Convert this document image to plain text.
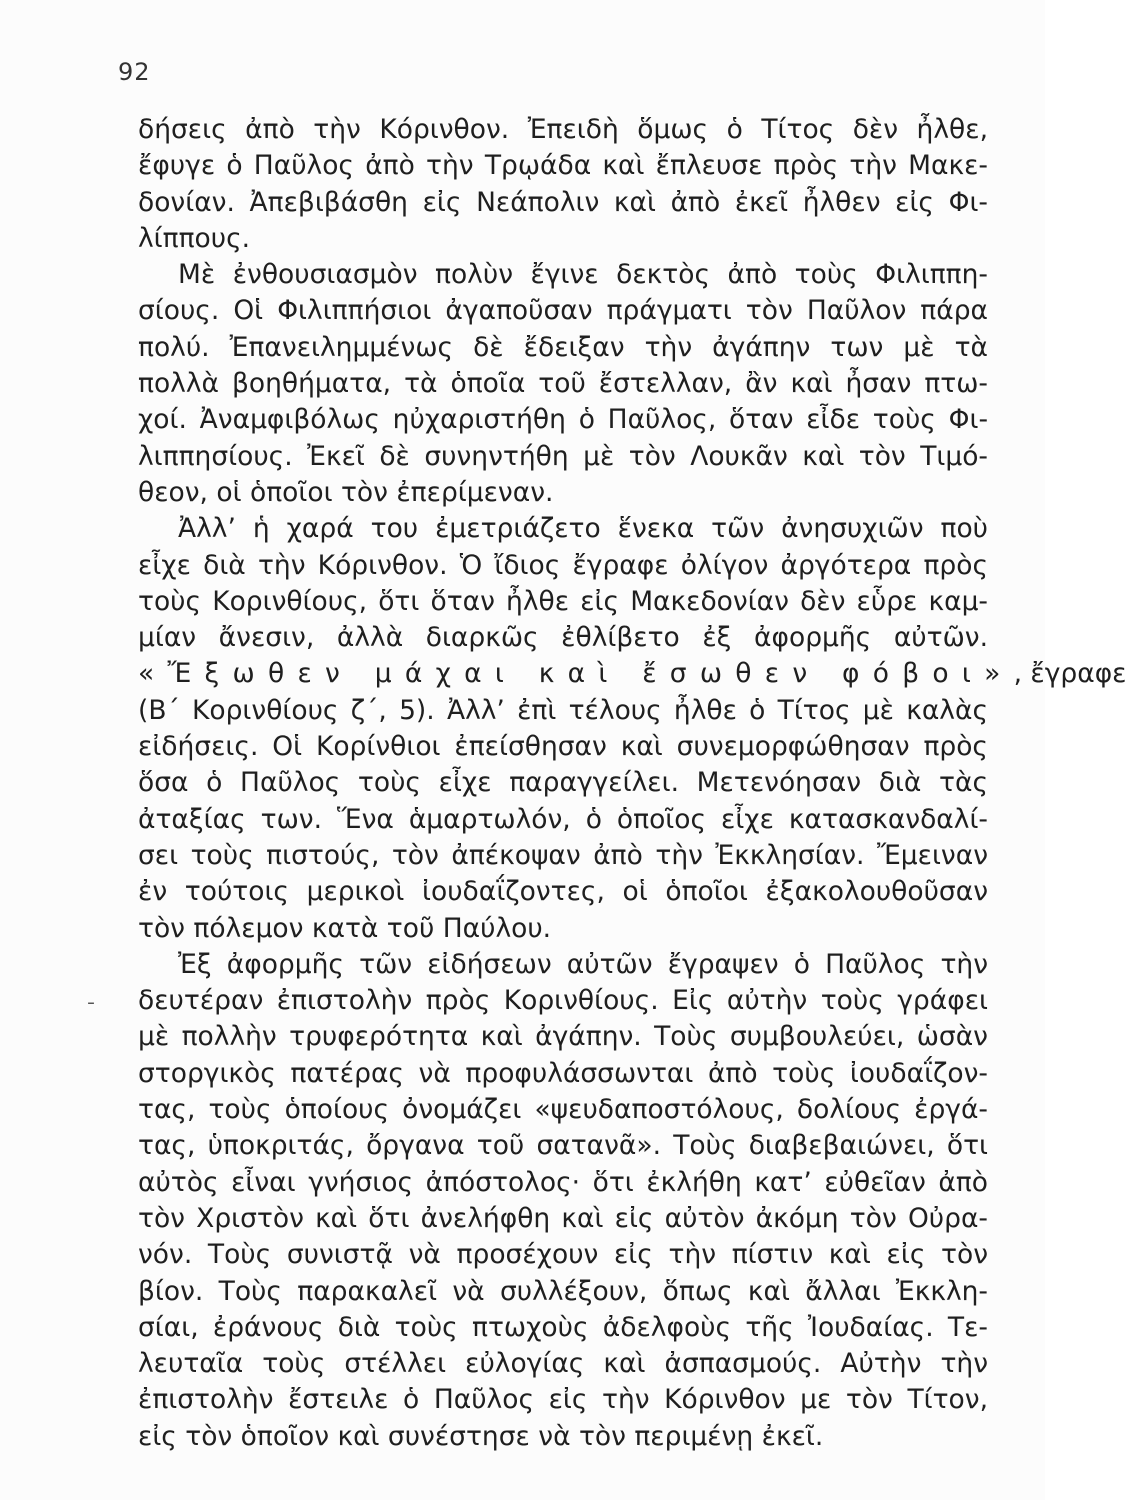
92
ˍ
δήσεις ἀπὸ τὴν Κόρινθον. Ἐπειδὴ ὅμως ὁ Τίτος δὲν ἦλθε,
ἔφυγε ὁ Παῦλος ἀπὸ τὴν Τρῳάδα καὶ ἔπλευσε πρὸς τὴν Μακε-
δονίαν. Ἀπεβιβάσθη εἰς Νεάπολιν καὶ ἀπὸ ἐκεῖ ἦλθεν εἰς Φι-
λίππους.
Μὲ ἐνθουσιασμὸν πολὺν ἔγινε δεκτὸς ἀπὸ τοὺς Φιλιππη-
σίους. Οἱ Φιλιππήσιοι ἀγαποῦσαν πράγματι τὸν Παῦλον πάρα
πολύ. Ἐπανειλημμένως δὲ ἔδειξαν τὴν ἀγάπην των μὲ τὰ
πολλὰ βοηθήματα, τὰ ὁποῖα τοῦ ἔστελλαν, ἂν καὶ ἦσαν πτω-
χοί. Ἀναμφιβόλως ηὐχαριστήθη ὁ Παῦλος, ὅταν εἶδε τοὺς Φι-
λιππησίους. Ἐκεῖ δὲ συνηντήθη μὲ τὸν Λουκᾶν καὶ τὸν Τιμό-
θεον, οἱ ὁποῖοι τὸν ἐπερίμεναν.
Ἀλλ’ ἡ χαρά του ἐμετριάζετο ἕνεκα τῶν ἀνησυχιῶν ποὺ
εἶχε διὰ τὴν Κόρινθον. Ὁ ἴδιος ἔγραφε ὀλίγον ἀργότερα πρὸς
τοὺς Κορινθίους, ὅτι ὅταν ἦλθε εἰς Μακεδονίαν δὲν εὗρε καμ-
μίαν ἄνεσιν, ἀλλὰ διαρκῶς ἐθλίβετο ἐξ ἀφορμῆς αὐτῶν.
«Ἔξωθεν μάχαι καὶ ἔσωθεν φόβοι», ἔγραφε
(Β΄ Κορινθίους ζ΄, 5). Ἀλλ’ ἐπὶ τέλους ἦλθε ὁ Τίτος μὲ καλὰς
εἰδήσεις. Οἱ Κορίνθιοι ἐπείσθησαν καὶ συνεμορφώθησαν πρὸς
ὅσα ὁ Παῦλος τοὺς εἶχε παραγγείλει. Μετενόησαν διὰ τὰς
ἀταξίας των. Ἕνα ἁμαρτωλόν, ὁ ὁποῖος εἶχε κατασκανδαλί-
σει τοὺς πιστούς, τὸν ἀπέκοψαν ἀπὸ τὴν Ἐκκλησίαν. Ἔμειναν
ἐν τούτοις μερικοὶ ἰουδαΐζοντες, οἱ ὁποῖοι ἐξακολουθοῦσαν
τὸν πόλεμον κατὰ τοῦ Παύλου.
Ἐξ ἀφορμῆς τῶν εἰδήσεων αὐτῶν ἔγραψεν ὁ Παῦλος τὴν
δευτέραν ἐπιστολὴν πρὸς Κορινθίους. Εἰς αὐτὴν τοὺς γράφει
μὲ πολλὴν τρυφερότητα καὶ ἀγάπην. Τοὺς συμβουλεύει, ὡσὰν
στοργικὸς πατέρας νὰ προφυλάσσωνται ἀπὸ τοὺς ἰουδαΐζον-
τας, τοὺς ὁποίους ὀνομάζει «ψευδαποστόλους, δολίους ἐργά-
τας, ὑποκριτάς, ὄργανα τοῦ σατανᾶ». Τοὺς διαβεβαιώνει, ὅτι
αὐτὸς εἶναι γνήσιος ἀπόστολος· ὅτι ἐκλήθη κατ’ εὐθεῖαν ἀπὸ
τὸν Χριστὸν καὶ ὅτι ἀνελήφθη καὶ εἰς αὐτὸν ἀκόμη τὸν Οὐρα-
νόν. Τοὺς συνιστᾷ νὰ προσέχουν εἰς τὴν πίστιν καὶ εἰς τὸν
βίον. Τοὺς παρακαλεῖ νὰ συλλέξουν, ὅπως καὶ ἄλλαι Ἐκκλη-
σίαι, ἐράνους διὰ τοὺς πτωχοὺς ἀδελφοὺς τῆς Ἰουδαίας. Τε-
λευταῖα τοὺς στέλλει εὐλογίας καὶ ἀσπασμούς. Αὐτὴν τὴν
ἐπιστολὴν ἔστειλε ὁ Παῦλος εἰς τὴν Κόρινθον με τὸν Τίτον,
εἰς τὸν ὁποῖον καὶ συνέστησε νὰ τὸν περιμένῃ ἐκεῖ.
